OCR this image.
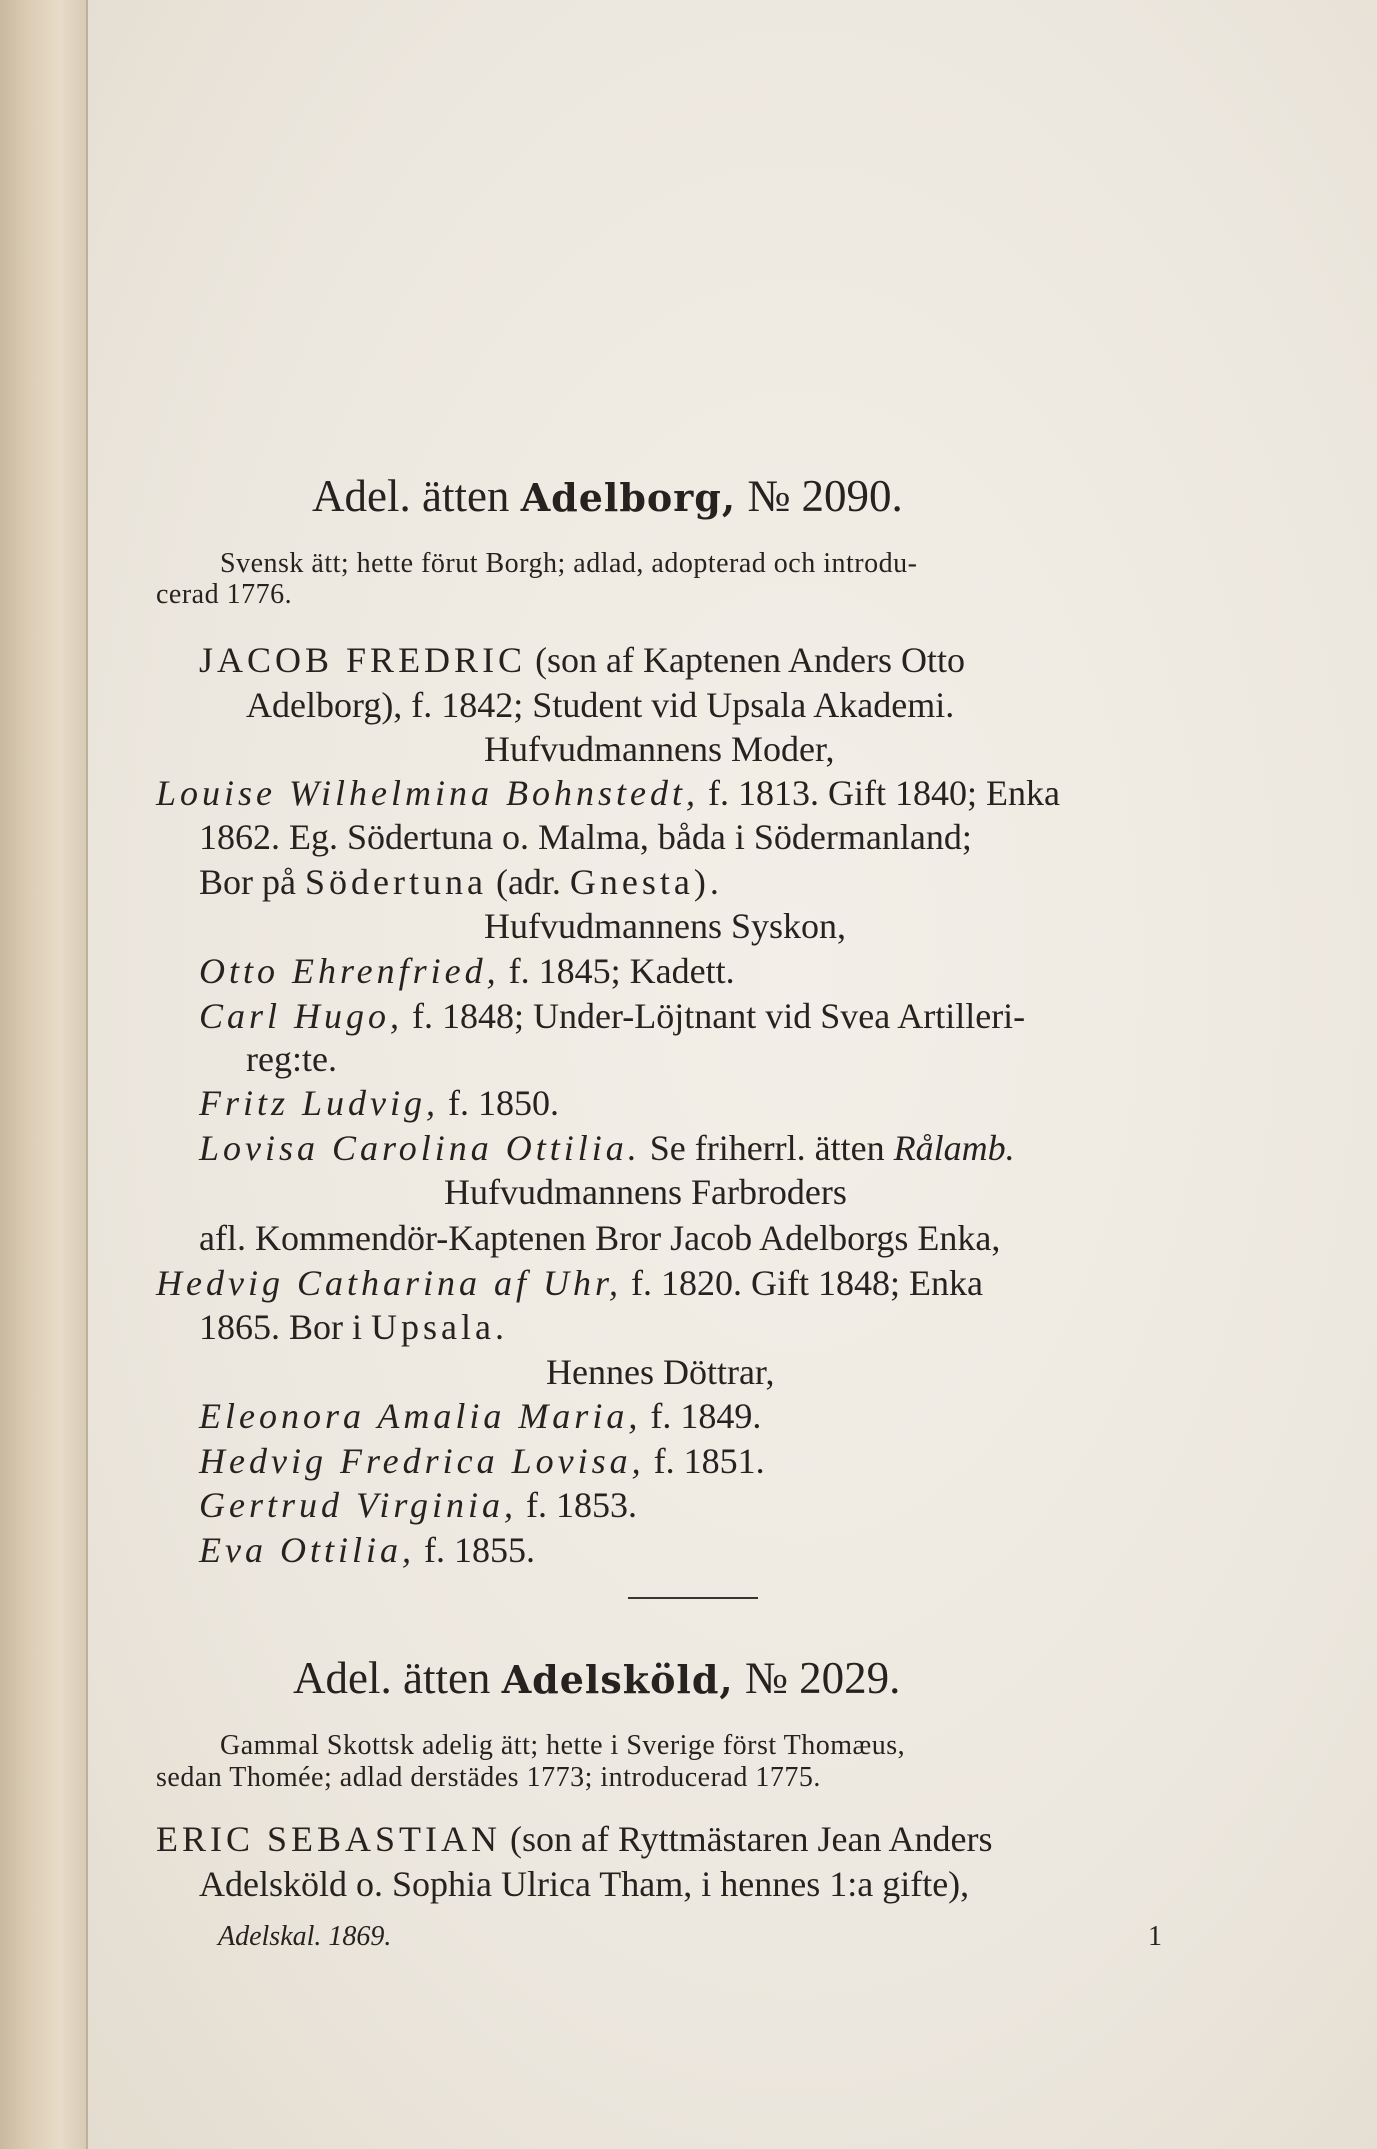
Adel. ätten Adelborg, № 2090.
Svensk ätt; hette förut Borgh; adlad, adopterad och introdu-
cerad 1776.
JACOB FREDRIC (son af Kaptenen Anders Otto
Adelborg), f. 1842; Student vid Upsala Akademi.
Hufvudmannens Moder,
Louise Wilhelmina Bohnstedt, f. 1813. Gift 1840; Enka
1862. Eg. Södertuna o. Malma, båda i Södermanland;
Bor på Södertuna (adr. Gnesta).
Hufvudmannens Syskon,
Otto Ehrenfried, f. 1845; Kadett.
Carl Hugo, f. 1848; Under-Löjtnant vid Svea Artilleri-
reg:te.
Fritz Ludvig, f. 1850.
Lovisa Carolina Ottilia. Se friherrl. ätten Rålamb.
Hufvudmannens Farbroders
afl. Kommendör-Kaptenen Bror Jacob Adelborgs Enka,
Hedvig Catharina af Uhr, f. 1820. Gift 1848; Enka
1865. Bor i Upsala.
Hennes Döttrar,
Eleonora Amalia Maria, f. 1849.
Hedvig Fredrica Lovisa, f. 1851.
Gertrud Virginia, f. 1853.
Eva Ottilia, f. 1855.
Adel. ätten Adelsköld, № 2029.
Gammal Skottsk adelig ätt; hette i Sverige först Thomæus,
sedan Thomée; adlad derstädes 1773; introducerad 1775.
ERIC SEBASTIAN (son af Ryttmästaren Jean Anders
Adelsköld o. Sophia Ulrica Tham, i hennes 1:a gifte),
Adelskal. 1869.	1
